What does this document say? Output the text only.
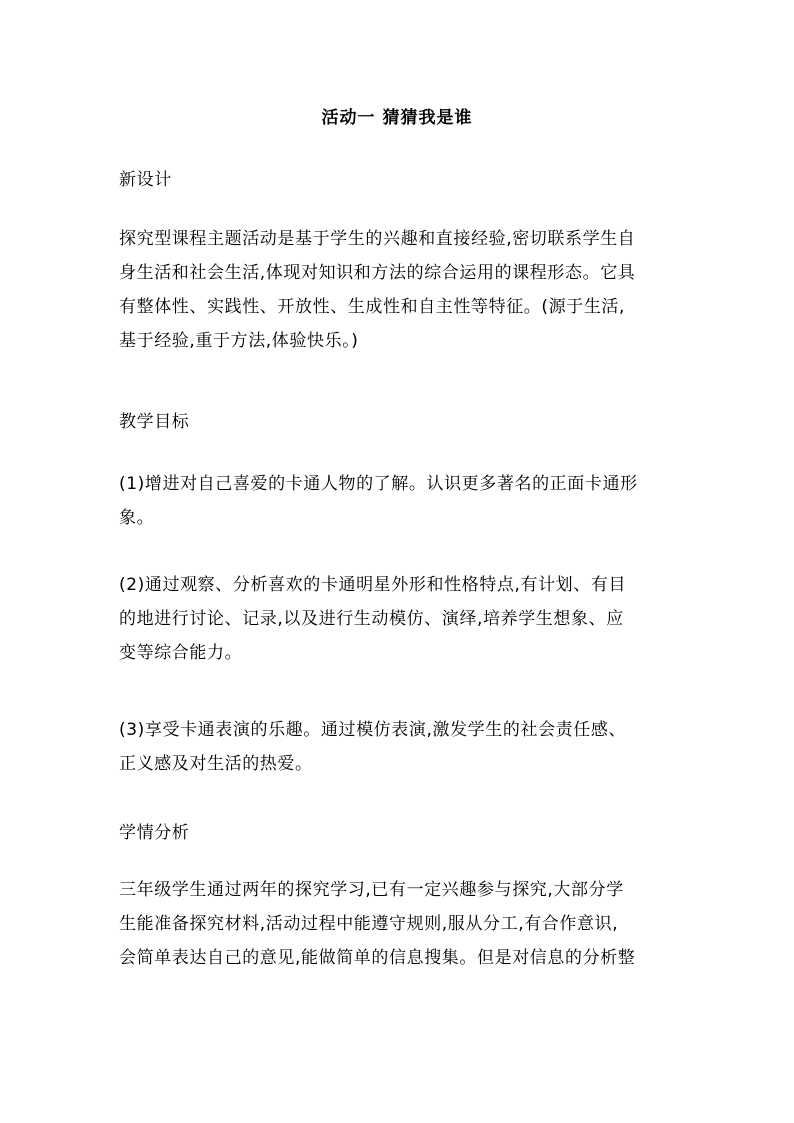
活动一 猜猜我是谁

新设计

探究型课程主题活动是基于学生的兴趣和直接经验,密切联系学生自
身生活和社会生活,体现对知识和方法的综合运用的课程形态。它具
有整体性、实践性、开放性、生成性和自主性等特征。(源于生活,
基于经验,重于方法,体验快乐。)

教学目标

(1)增进对自己喜爱的卡通人物的了解。认识更多著名的正面卡通形
象。
(2)通过观察、分析喜欢的卡通明星外形和性格特点,有计划、有目
的地进行讨论、记录,以及进行生动模仿、演绎,培养学生想象、应
变等综合能力。
(3)享受卡通表演的乐趣。通过模仿表演,激发学生的社会责任感、
正义感及对生活的热爱。

学情分析

三年级学生通过两年的探究学习,已有一定兴趣参与探究,大部分学
生能准备探究材料,活动过程中能遵守规则,服从分工,有合作意识,
会简单表达自己的意见,能做简单的信息搜集。但是对信息的分析整
